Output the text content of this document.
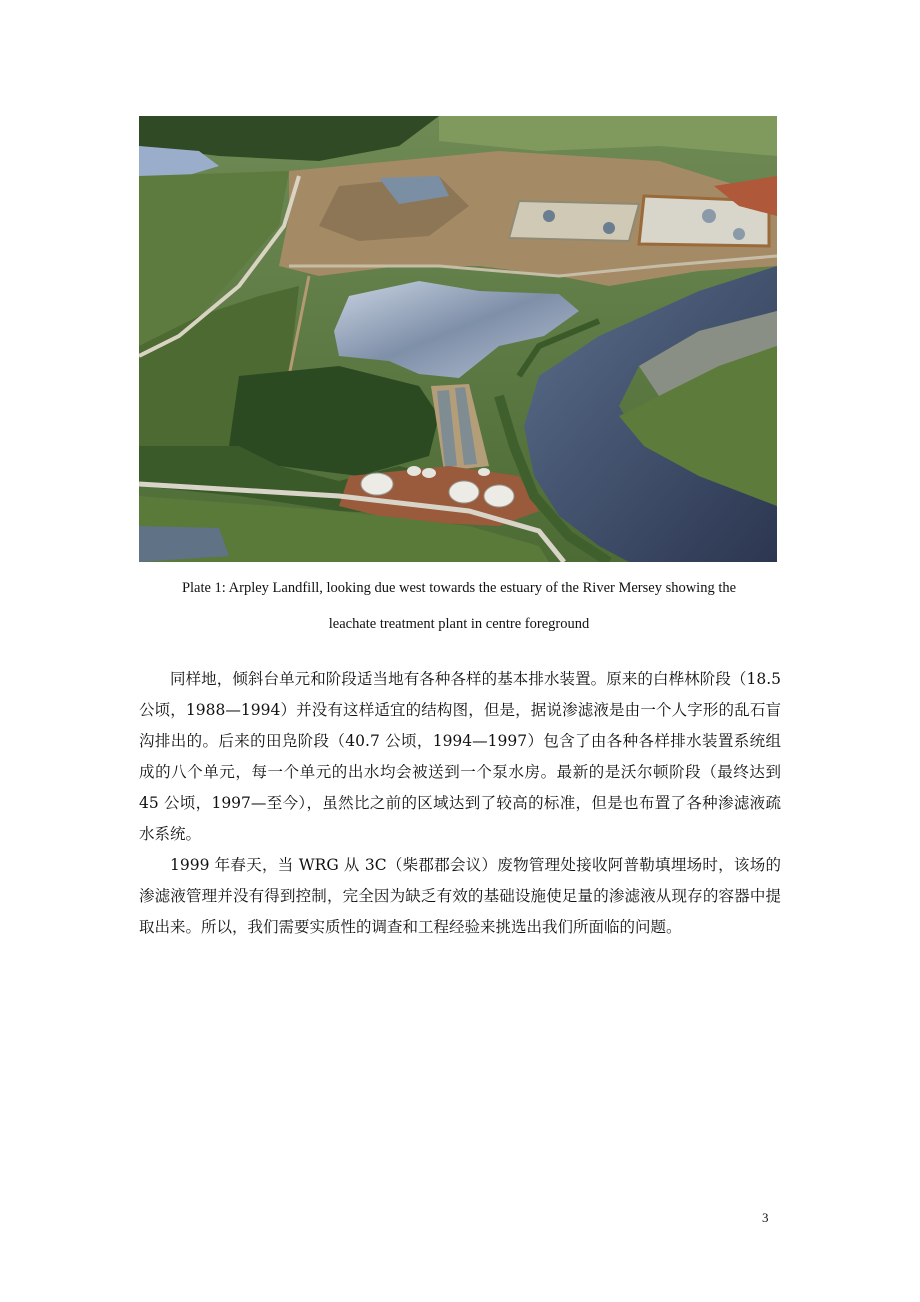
Plate 1: Arpley Landfill, looking due west towards the estuary of the River Mersey showing the
leachate treatment plant in centre foreground

同样地，倾斜台单元和阶段适当地有各种各样的基本排水装置。原来的白桦林阶段（18.5 公顷，1988—1994）并没有这样适宜的结构图，但是，据说渗滤液是由一个人字形的乱石盲沟排出的。后来的田凫阶段（40.7 公顷，1994—1997）包含了由各种各样排水装置系统组成的八个单元，每一个单元的出水均会被送到一个泵水房。最新的是沃尔顿阶段（最终达到 45 公顷，1997—至今），虽然比之前的区域达到了较高的标准，但是也布置了各种渗滤液疏水系统。

1999 年春天，当 WRG 从 3C（柴郡郡会议）废物管理处接收阿普勒填埋场时，该场的渗滤液管理并没有得到控制，完全因为缺乏有效的基础设施使足量的渗滤液从现存的容器中提取出来。所以，我们需要实质性的调查和工程经验来挑选出我们所面临的问题。

3
